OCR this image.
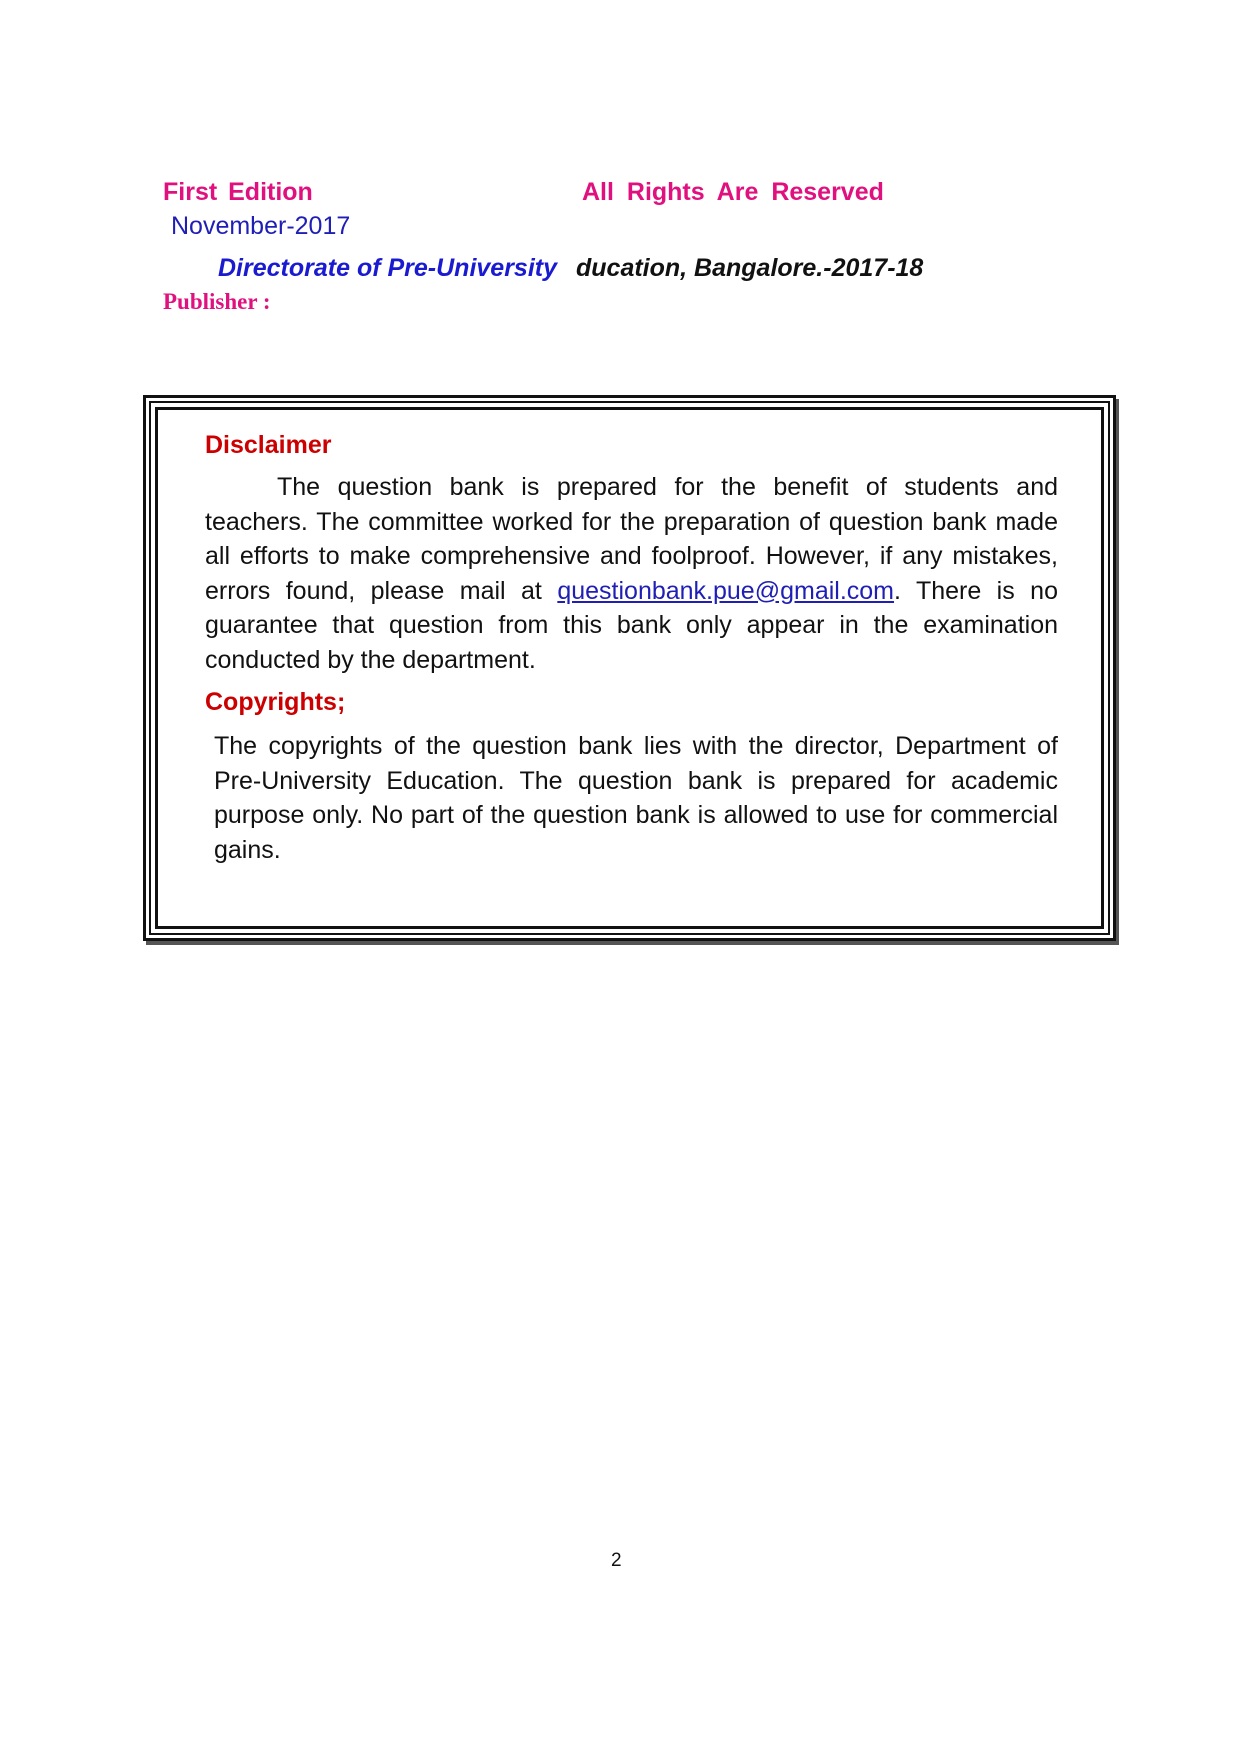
First Edition	All Rights Are Reserved
November-2017
Directorate of Pre-University ducation, Bangalore.-2017-18
Publisher :

Disclaimer

The question bank is prepared for the benefit of students and teachers. The committee worked for the preparation of question bank made all efforts to make comprehensive and foolproof. However, if any mistakes, errors found, please mail at questionbank.pue@gmail.com. There is no guarantee that question from this bank only appear in the examination conducted by the department.

Copyrights;

The copyrights of the question bank lies with the director, Department of Pre-University Education. The question bank is prepared for academic purpose only. No part of the question bank is allowed to use for commercial gains.

2
